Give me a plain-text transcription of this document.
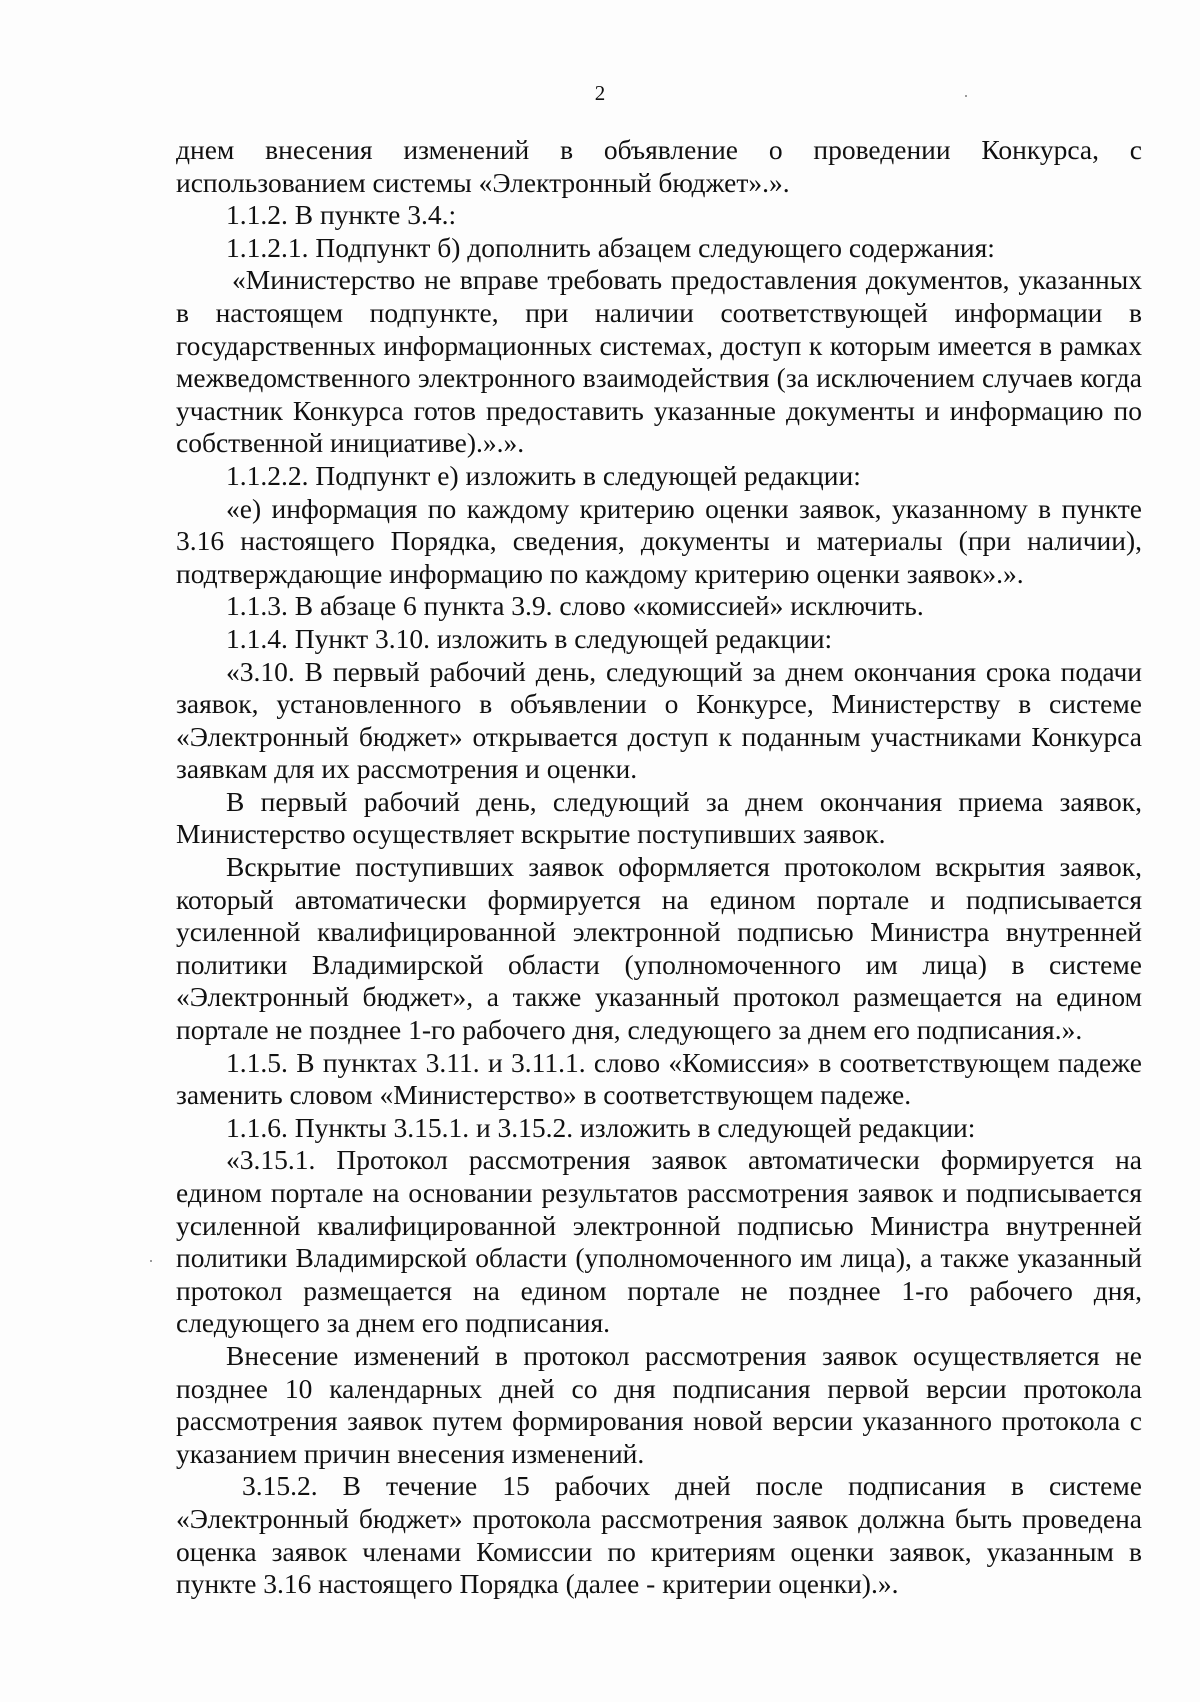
2

днем внесения изменений в объявление о проведении Конкурса, с использованием системы «Электронный бюджет».».

1.1.2. В пункте 3.4.:

1.1.2.1. Подпункт б) дополнить абзацем следующего содержания:

«Министерство не вправе требовать предоставления документов, указанных в настоящем подпункте, при наличии соответствующей информации в государственных информационных системах, доступ к которым имеется в рамках межведомственного электронного взаимодействия (за исключением случаев когда участник Конкурса готов предоставить указанные документы и информацию по собственной инициативе).».».

1.1.2.2. Подпункт е) изложить в следующей редакции:

«е) информация по каждому критерию оценки заявок, указанному в пункте 3.16 настоящего Порядка, сведения, документы и материалы (при наличии), подтверждающие информацию по каждому критерию оценки заявок».».

1.1.3. В абзаце 6 пункта 3.9. слово «комиссией» исключить.

1.1.4. Пункт 3.10. изложить в следующей редакции:

«3.10. В первый рабочий день, следующий за днем окончания срока подачи заявок, установленного в объявлении о Конкурсе, Министерству в системе «Электронный бюджет» открывается доступ к поданным участниками Конкурса заявкам для их рассмотрения и оценки.

В первый рабочий день, следующий за днем окончания приема заявок, Министерство осуществляет вскрытие поступивших заявок.

Вскрытие поступивших заявок оформляется протоколом вскрытия заявок, который автоматически формируется на едином портале и подписывается усиленной квалифицированной электронной подписью Министра внутренней политики Владимирской области (уполномоченного им лица) в системе «Электронный бюджет», а также указанный протокол размещается на едином портале не позднее 1-го рабочего дня, следующего за днем его подписания.».

1.1.5. В пунктах 3.11. и 3.11.1. слово «Комиссия» в соответствующем падеже заменить словом «Министерство» в соответствующем падеже.

1.1.6. Пункты 3.15.1. и 3.15.2. изложить в следующей редакции:

«3.15.1. Протокол рассмотрения заявок автоматически формируется на едином портале на основании результатов рассмотрения заявок и подписывается усиленной квалифицированной электронной подписью Министра внутренней политики Владимирской области (уполномоченного им лица), а также указанный протокол размещается на едином портале не позднее 1-го рабочего дня, следующего за днем его подписания.

Внесение изменений в протокол рассмотрения заявок осуществляется не позднее 10 календарных дней со дня подписания первой версии протокола рассмотрения заявок путем формирования новой версии указанного протокола с указанием причин внесения изменений.

3.15.2. В течение 15 рабочих дней после подписания в системе «Электронный бюджет» протокола рассмотрения заявок должна быть проведена оценка заявок членами Комиссии по критериям оценки заявок, указанным в пункте 3.16 настоящего Порядка (далее - критерии оценки).».
